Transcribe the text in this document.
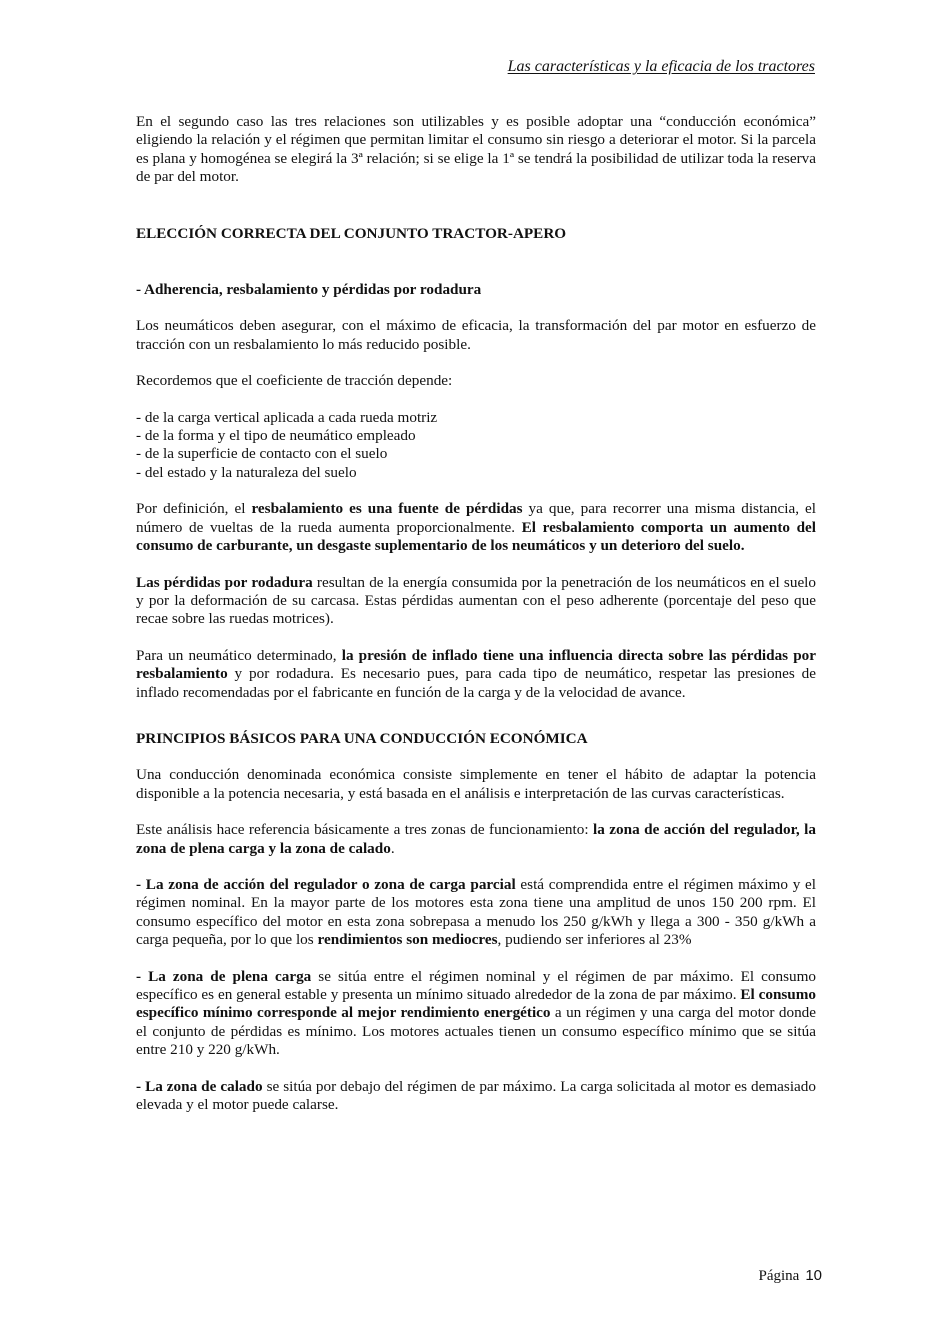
Las características y la eficacia de los tractores

En el segundo caso las tres relaciones son utilizables y es posible adoptar una “conducción económica” eligiendo la relación y el régimen que permitan limitar el consumo sin riesgo a deteriorar el motor. Si la parcela es plana y homogénea se elegirá la 3ª relación; si se elige la 1ª se tendrá la posibilidad de utilizar toda la reserva de par del motor.

ELECCIÓN CORRECTA DEL CONJUNTO TRACTOR-APERO

- Adherencia, resbalamiento y pérdidas por rodadura

Los neumáticos deben asegurar, con el máximo de eficacia, la transformación del par motor en esfuerzo de tracción con un resbalamiento lo más reducido posible.

Recordemos que el coeficiente de tracción depende:

- de la carga vertical aplicada a cada rueda motriz

- de la forma y el tipo de neumático empleado

- de la superficie de contacto con el suelo

- del estado y la naturaleza del suelo

Por definición, el resbalamiento es una fuente de pérdidas ya que, para recorrer una misma distancia, el número de vueltas de la rueda aumenta proporcionalmente. El resbalamiento comporta un aumento del consumo de carburante, un desgaste suplementario de los neumáticos y un deterioro del suelo.

Las pérdidas por rodadura resultan de la energía consumida por la penetración de los neumáticos en el suelo y por la deformación de su carcasa. Estas pérdidas aumentan con el peso adherente (porcentaje del peso que recae sobre las ruedas motrices).

Para un neumático determinado, la presión de inflado tiene una influencia directa sobre las pérdidas por resbalamiento y por rodadura. Es necesario pues, para cada tipo de neumático, respetar las presiones de inflado recomendadas por el fabricante en función de la carga y de la velocidad de avance.

PRINCIPIOS BÁSICOS PARA UNA CONDUCCIÓN ECONÓMICA

Una conducción denominada económica consiste simplemente en tener el hábito de adaptar la potencia disponible a la potencia necesaria, y está basada en el análisis e interpretación de las curvas características.

Este análisis hace referencia básicamente a tres zonas de funcionamiento: la zona de acción del regulador, la zona de plena carga y la zona de calado.

- La zona de acción del regulador o zona de carga parcial está comprendida entre el régimen máximo y el régimen nominal. En la mayor parte de los motores esta zona tiene una amplitud de unos 150 200 rpm. El consumo específico del motor en esta zona sobrepasa a menudo los 250 g/kWh y llega a 300 - 350 g/kWh a carga pequeña, por lo que los rendimientos son mediocres, pudiendo ser inferiores al 23%

- La zona de plena carga se sitúa entre el régimen nominal y el régimen de par máximo. El consumo específico es en general estable y presenta un mínimo situado alrededor de la zona de par máximo. El consumo específico mínimo corresponde al mejor rendimiento energético a un régimen y una carga del motor donde el conjunto de pérdidas es mínimo. Los motores actuales tienen un consumo específico mínimo que se sitúa entre 210 y 220 g/kWh.

- La zona de calado se sitúa por debajo del régimen de par máximo. La carga solicitada al motor es demasiado elevada y el motor puede calarse.

Página 10
